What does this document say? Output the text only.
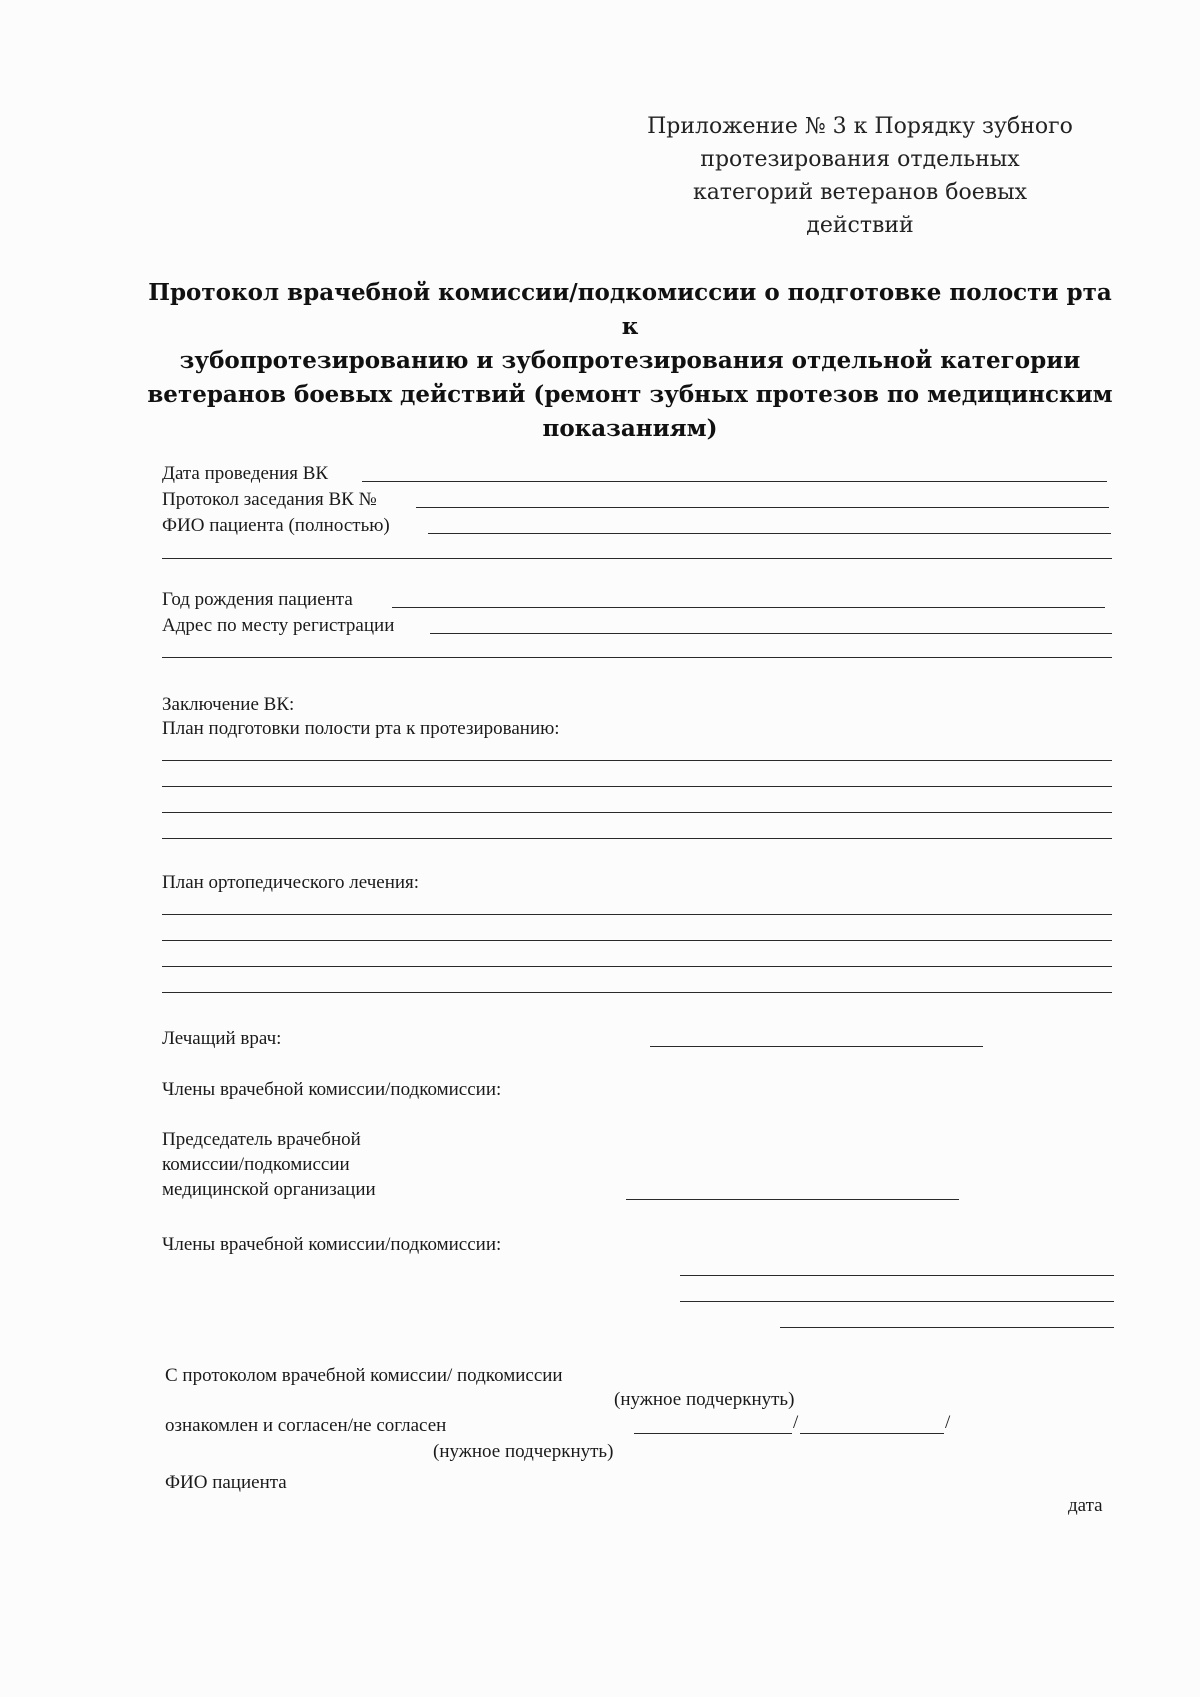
Приложение № 3 к Порядку зубного
протезирования отдельных
категорий ветеранов боевых
действий
Протокол врачебной комиссии/подкомиссии о подготовке полости рта к
зубопротезированию и зубопротезирования отдельной категории
ветеранов боевых действий (ремонт зубных протезов по медицинским
показаниям)
Дата проведения ВК
Протокол заседания ВК №
ФИО пациента (полностью)
Год рождения пациента
Адрес по месту регистрации
Заключение ВК:
План подготовки полости рта к протезированию:
План ортопедического лечения:
Лечащий врач:
Члены врачебной комиссии/подкомиссии:
Председатель врачебной
комиссии/подкомиссии
медицинской организации
Члены врачебной комиссии/подкомиссии:
С протоколом врачебной комиссии/ подкомиссии
(нужное подчеркнуть)
ознакомлен и согласен/не согласен	/	/
(нужное подчеркнуть)
ФИО пациента
дата
